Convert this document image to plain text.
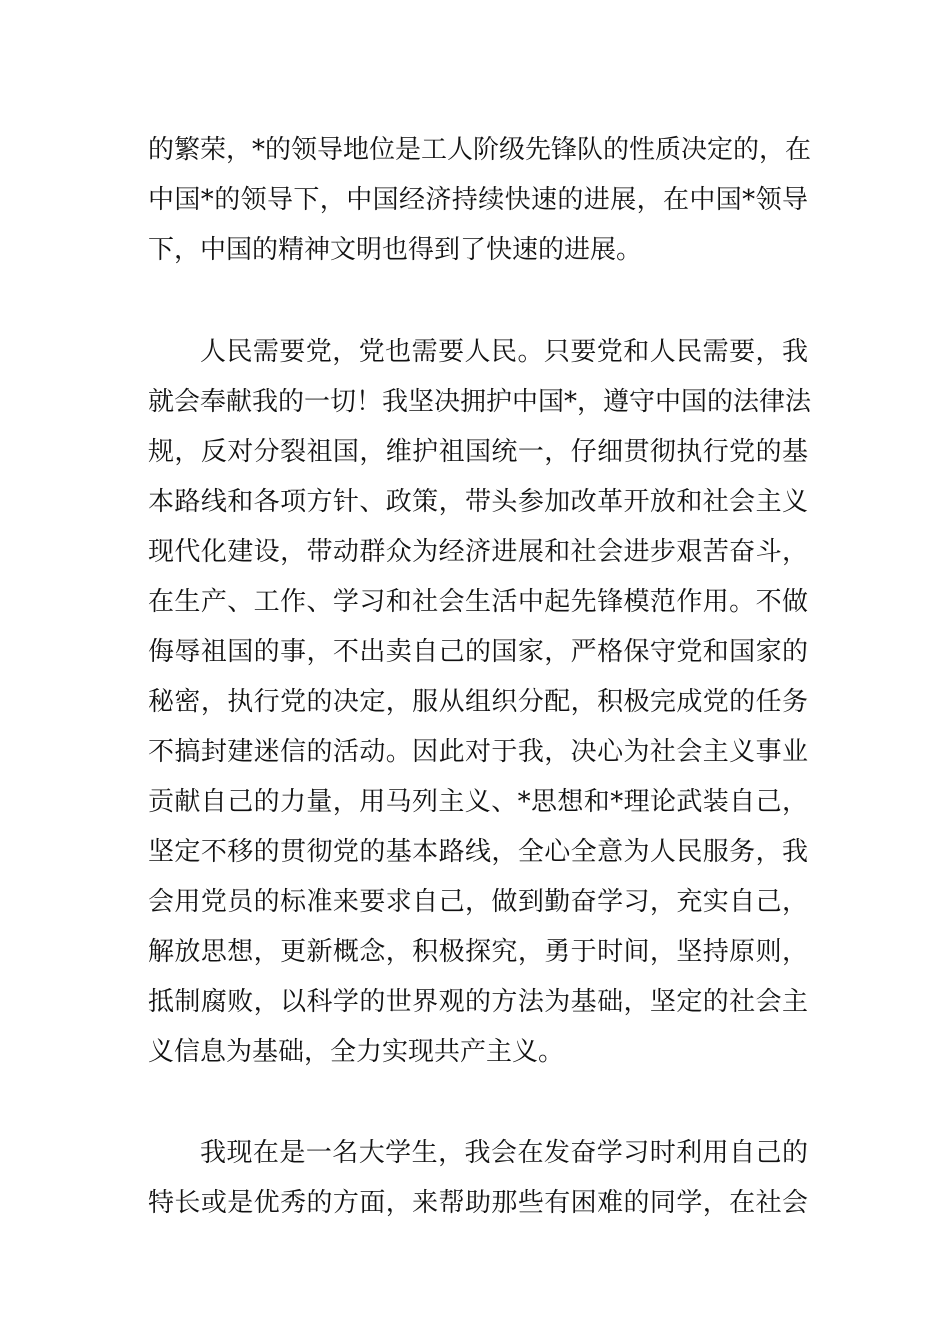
的繁荣，*的领导地位是工人阶级先锋队的性质决定的，在

中国*的领导下，中国经济持续快速的进展，在中国*领导

下，中国的精神文明也得到了快速的进展。

人民需要党，党也需要人民。只要党和人民需要，我

就会奉献我的一切！我坚决拥护中国*，遵守中国的法律法

规，反对分裂祖国，维护祖国统一，仔细贯彻执行党的基

本路线和各项方针、政策，带头参加改革开放和社会主义

现代化建设，带动群众为经济进展和社会进步艰苦奋斗，

在生产、工作、学习和社会生活中起先锋模范作用。不做

侮辱祖国的事，不出卖自己的国家，严格保守党和国家的

秘密，执行党的决定，服从组织分配，积极完成党的任务

不搞封建迷信的活动。因此对于我，决心为社会主义事业

贡献自己的力量，用马列主义、*思想和*理论武装自己，

坚定不移的贯彻党的基本路线，全心全意为人民服务，我

会用党员的标准来要求自己，做到勤奋学习，充实自己，

解放思想，更新概念，积极探究，勇于时间，坚持原则，

抵制腐败，以科学的世界观的方法为基础，坚定的社会主

义信息为基础，全力实现共产主义。

我现在是一名大学生，我会在发奋学习时利用自己的

特长或是优秀的方面，来帮助那些有困难的同学，在社会
